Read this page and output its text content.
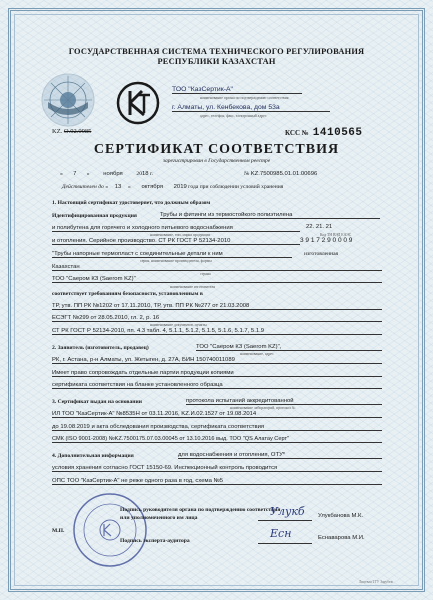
ГОСУДАРСТВЕННАЯ СИСТЕМА ТЕХНИЧЕСКОГО РЕГУЛИРОВАНИЯ
РЕСПУБЛИКИ КАЗАХСТАН
ТОО "КазСертик-А"
наименование органа по подтверждению соответствия
г. Алматы, ул. Кенбекова, дом 53а
адрес, телефон, факс, электронный адрес
KZ. О.02.0985	КСС № 1410565
СЕРТИФИКАТ СООТВЕТСТВИЯ
зарегистрирован в Государственном реестре
« 7 » ноября 2018 г.	№ KZ.7500985.01.01.00696
Действителен до « 13 » октября 2019 года при соблюдении условий хранения
1. Настоящий сертификат удостоверяет, что должным образом
Идентифицированная продукция	Трубы и фитинги из термостойкого полиэтилена
и полибутена для горячего и холодного питьевого водоснабжения	22. 21. 21
наименование, тип, марка продукции	Код ТН ВЭД ЕАЭС
и отопления. Серийное производство. СТ РК ГОСТ Р 52134-2010	3 9 1 7 2 9 0 0 0 9
"Трубы напорные термопласт с соединительные детали к ним	изготовленная
серия, наименование производителя, формы
Казахстан
страна
ТОО "Саером КЗ (Saerom KZ)"
наименование изготовителя
соответствует требованиям безопасности, установленным в
ТР, утв. ПП РК №1202 от 17.11.2010, ТР, утв. ПП РК №277 от 21.03.2008
ЕСЭГТ №299 от 28.05.2010, гл. 2, р. 16
наименование документов, пункты
СТ РК ГОСТ Р 52134-2010, пп. 4.3 табл. 4, 5.1.1, 5.1.2, 5.1.5, 5.1.6, 5.1.7, 5.1.9
2. Заявитель (изготовитель, продавец)	ТОО "Саером КЗ (Saerom KZ)",
наименование, адрес
РК, г. Астана, р-н Алматы, ул. Жетыген, д. 27А, БИН 150740011089
Имеет право сопровождать отдельные партии продукции копиями
сертификата соответствия на бланке установленного образца
3. Сертификат выдан на основании	протокола испытаний аккредитованной
наименование лабораторий, протокол №
ИЛ ТОО "КазСертик-А" №8535Н от 03.11.2016, KZ.И.02.1527 от 19.08.2014
до 19.08.2019 и акта обследования производства, сертификата соответствия
СМК (ISO 9001-2008) №KZ.7500175.07.03.00045 от 13.10.2016 выд. ТОО "QS Алатау Серт"
4. Дополнительная информация	для водоснабжения и отопления, ОТУ*
условия хранения согласно ГОСТ 15150-69. Инспекционный контроль проводится
ОПС ТОО "КазСертик-А" не реже одного раза в год, схема №5
Подпись руководителя органа по подтверждению соответствия
или уполномоченного им лица	Улукб Улукбанова М.К.
М.П.
Подпись эксперта-аудитора
Есн	Еснаварова М.И.
Лицевая ТГУ Зарубеж
